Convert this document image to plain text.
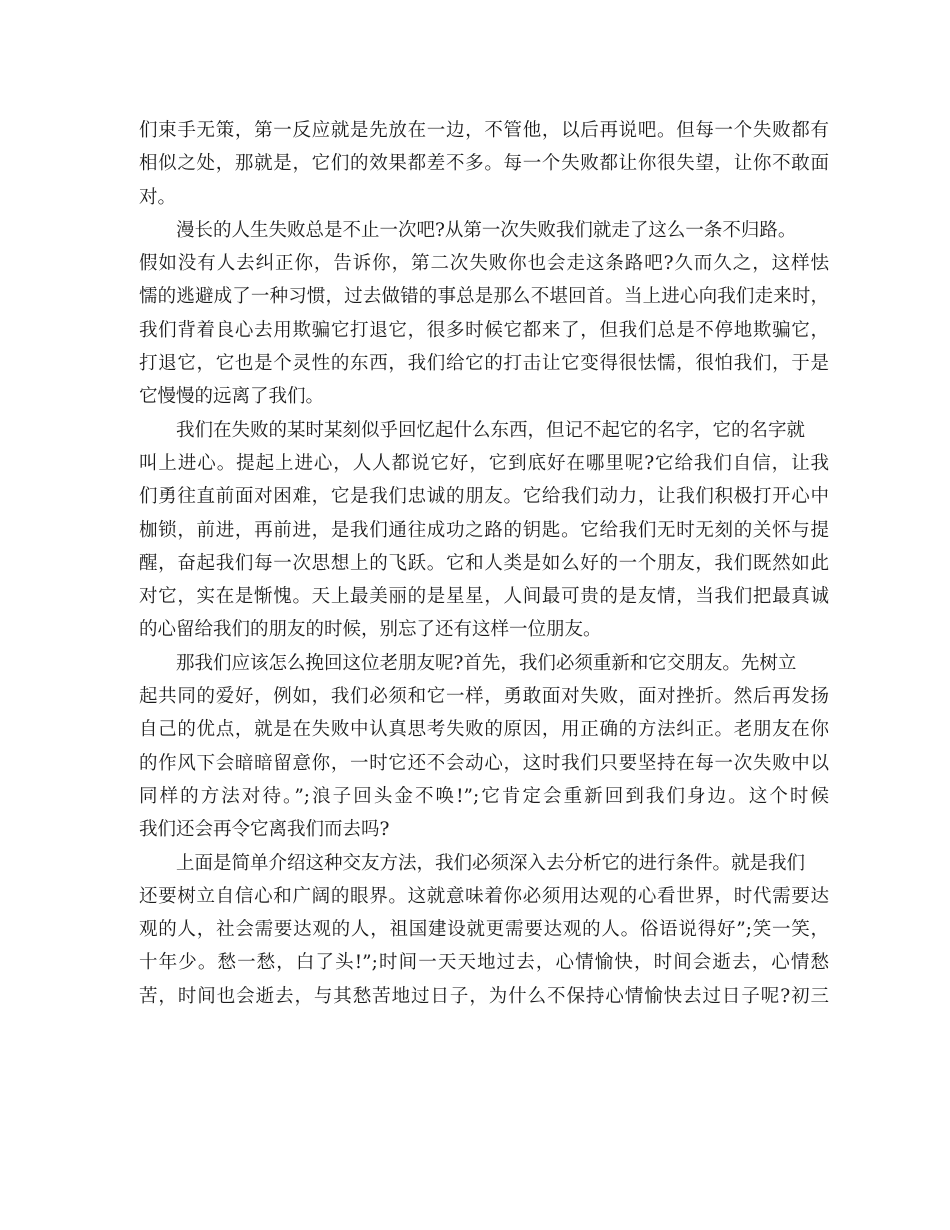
们束手无策，第一反应就是先放在一边，不管他，以后再说吧。但每一个失败都有
相似之处，那就是，它们的效果都差不多。每一个失败都让你很失望，让你不敢面
对。
漫长的人生失败总是不止一次吧?从第一次失败我们就走了这么一条不归路。
假如没有人去纠正你，告诉你，第二次失败你也会走这条路吧?久而久之，这样怯
懦的逃避成了一种习惯，过去做错的事总是那么不堪回首。当上进心向我们走来时，
我们背着良心去用欺骗它打退它，很多时候它都来了，但我们总是不停地欺骗它，
打退它，它也是个灵性的东西，我们给它的打击让它变得很怯懦，很怕我们，于是
它慢慢的远离了我们。
我们在失败的某时某刻似乎回忆起什么东西，但记不起它的名字，它的名字就
叫上进心。提起上进心，人人都说它好，它到底好在哪里呢?它给我们自信，让我
们勇往直前面对困难，它是我们忠诚的朋友。它给我们动力，让我们积极打开心中
枷锁，前进，再前进，是我们通往成功之路的钥匙。它给我们无时无刻的关怀与提
醒，奋起我们每一次思想上的飞跃。它和人类是如么好的一个朋友，我们既然如此
对它，实在是惭愧。天上最美丽的是星星，人间最可贵的是友情，当我们把最真诚
的心留给我们的朋友的时候，别忘了还有这样一位朋友。
那我们应该怎么挽回这位老朋友呢?首先，我们必须重新和它交朋友。先树立
起共同的爱好，例如，我们必须和它一样，勇敢面对失败，面对挫折。然后再发扬
自己的优点，就是在失败中认真思考失败的原因，用正确的方法纠正。老朋友在你
的作风下会暗暗留意你，一时它还不会动心，这时我们只要坚持在每一次失败中以
同样的方法对待。”;浪子回头金不唤!”;它肯定会重新回到我们身边。这个时候
我们还会再令它离我们而去吗?
上面是简单介绍这种交友方法，我们必须深入去分析它的进行条件。就是我们
还要树立自信心和广阔的眼界。这就意味着你必须用达观的心看世界，时代需要达
观的人，社会需要达观的人，祖国建设就更需要达观的人。俗语说得好”;笑一笑，
十年少。愁一愁，白了头!”;时间一天天地过去，心情愉快，时间会逝去，心情愁
苦，时间也会逝去，与其愁苦地过日子，为什么不保持心情愉快去过日子呢?初三
